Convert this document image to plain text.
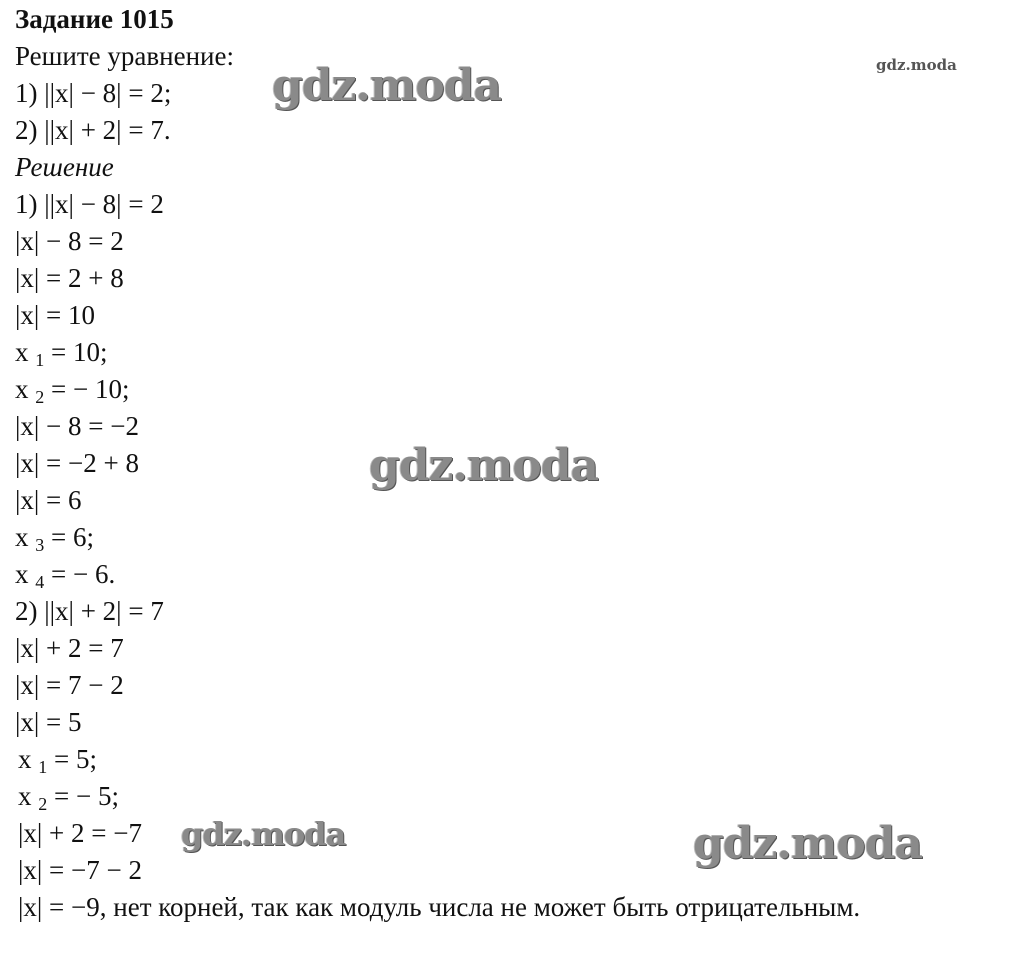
Задание 1015
Решите уравнение:
1) ||x| − 8| = 2;
2) ||x| + 2| = 7.
Решение
1) ||x| − 8| = 2
|x| − 8 = 2
|x| = 2 + 8
|x| = 10
x 1 = 10;
x 2 = − 10;
|x| − 8 = −2
|x| = −2 + 8
|x| = 6
x 3 = 6;
x 4 = − 6.
2) ||x| + 2| = 7
|x| + 2 = 7
|x| = 7 − 2
|x| = 5
x 1 = 5;
x 2 = − 5;
|x| + 2 = −7
|x| = −7 − 2
|x| = −9, нет корней, так как модуль числа не может быть отрицательным.
gdz.moda	gdz.moda
gdz.moda
gdz.moda	gdz.moda
